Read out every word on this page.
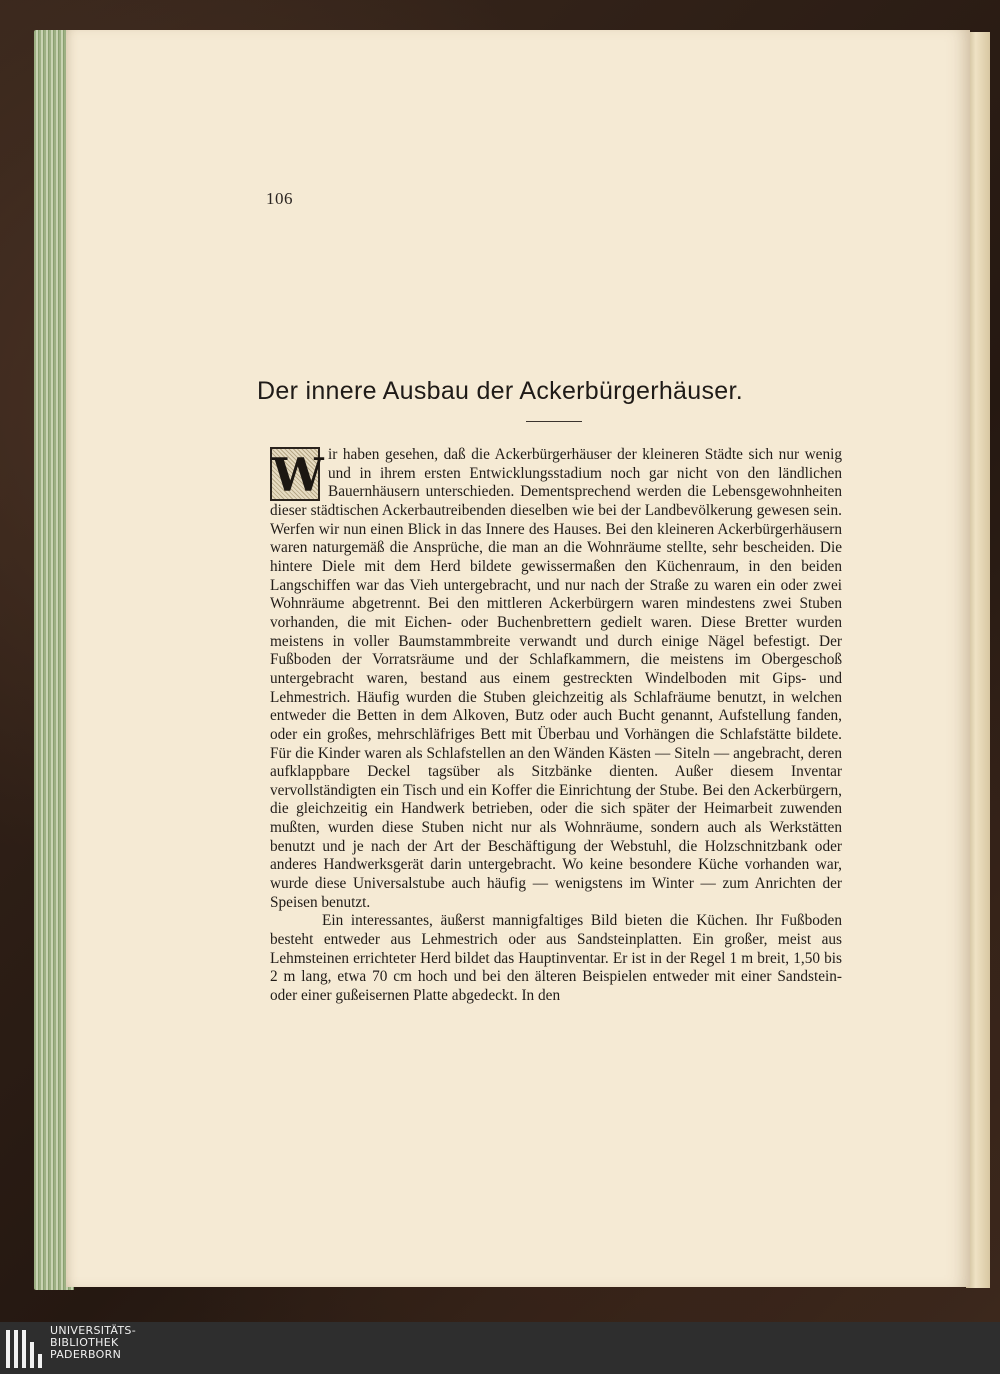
106
Der innere Ausbau der Ackerbürgerhäuser.

W ir haben gesehen, daß die Ackerbürgerhäuser der kleineren Städte sich nur wenig und in ihrem ersten Entwicklungsstadium noch gar nicht von den ländlichen Bauernhäusern unterschieden. Dementsprechend werden die Lebensgewohnheiten dieser städtischen Ackerbautreibenden dieselben wie bei der Landbevölkerung gewesen sein. Werfen wir nun einen Blick in das Innere des Hauses. Bei den kleineren Ackerbürgerhäusern waren naturgemäß die Ansprüche, die man an die Wohnräume stellte, sehr bescheiden. Die hintere Diele mit dem Herd bildete gewissermaßen den Küchenraum, in den beiden Langschiffen war das Vieh untergebracht, und nur nach der Straße zu waren ein oder zwei Wohnräume abgetrennt. Bei den mittleren Ackerbürgern waren mindestens zwei Stuben vorhanden, die mit Eichen- oder Buchenbrettern gedielt waren. Diese Bretter wurden meistens in voller Baumstammbreite verwandt und durch einige Nägel befestigt. Der Fußboden der Vorratsräume und der Schlafkammern, die meistens im Obergeschoß untergebracht waren, bestand aus einem gestreckten Windelboden mit Gips- und Lehmestrich. Häufig wurden die Stuben gleichzeitig als Schlafräume benutzt, in welchen entweder die Betten in dem Alkoven, Butz oder auch Bucht genannt, Aufstellung fanden, oder ein großes, mehrschläfriges Bett mit Überbau und Vorhängen die Schlafstätte bildete. Für die Kinder waren als Schlafstellen an den Wänden Kästen — Siteln — angebracht, deren aufklappbare Deckel tagsüber als Sitzbänke dienten. Außer diesem Inventar vervollständigten ein Tisch und ein Koffer die Einrichtung der Stube. Bei den Ackerbürgern, die gleichzeitig ein Handwerk betrieben, oder die sich später der Heimarbeit zuwenden mußten, wurden diese Stuben nicht nur als Wohnräume, sondern auch als Werkstätten benutzt und je nach der Art der Beschäftigung der Webstuhl, die Holzschnitzbank oder anderes Handwerksgerät darin untergebracht. Wo keine besondere Küche vorhanden war, wurde diese Universalstube auch häufig — wenigstens im Winter — zum Anrichten der Speisen benutzt.

Ein interessantes, äußerst mannigfaltiges Bild bieten die Küchen. Ihr Fußboden besteht entweder aus Lehmestrich oder aus Sandsteinplatten. Ein großer, meist aus Lehmsteinen errichteter Herd bildet das Hauptinventar. Er ist in der Regel 1 m breit, 1,50 bis 2 m lang, etwa 70 cm hoch und bei den älteren Beispielen entweder mit einer Sandstein- oder einer gußeisernen Platte abgedeckt. In den

UNIVERSITÄTS-
BIBLIOTHEK
PADERBORN
